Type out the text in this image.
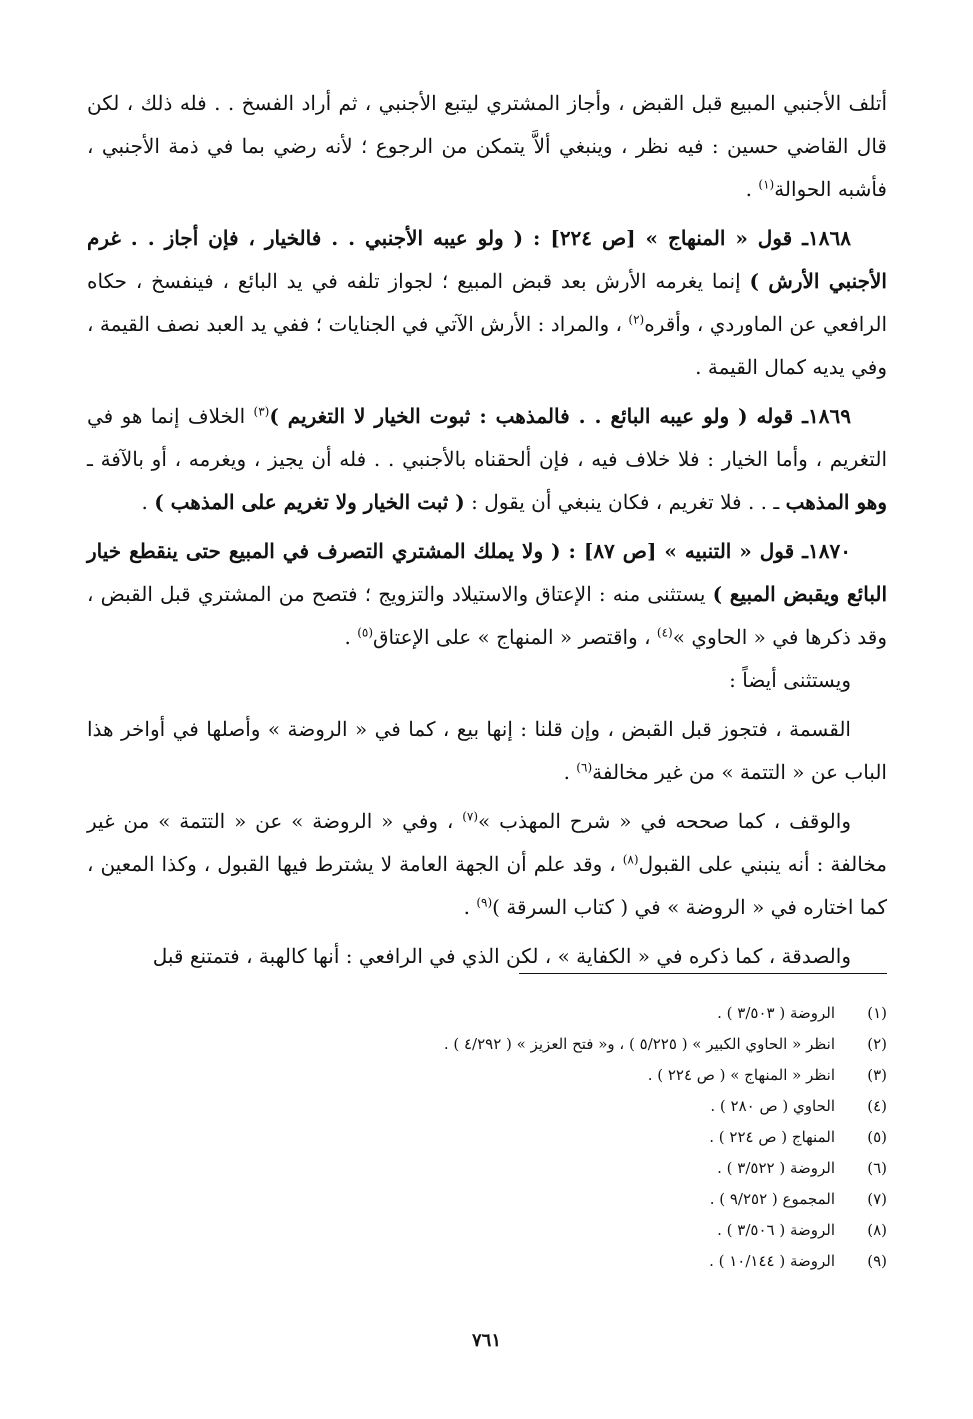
أتلف الأجنبي المبيع قبل القبض ، وأجاز المشتري ليتبع الأجنبي ، ثم أراد الفسخ . . فله ذلك ، لكن قال القاضي حسين : فيه نظر ، وينبغي ألاَّ يتمكن من الرجوع ؛ لأنه رضي بما في ذمة الأجنبي ، فأشبه الحوالة$^{(١)}$ .

١٨٦٨ـ قول « المنهاج » [ص ٢٢٤] : ( ولو عيبه الأجنبي . . فالخيار ، فإن أجاز . . غرم الأجنبي الأرش ) إنما يغرمه الأرش بعد قبض المبيع ؛ لجواز تلفه في يد البائع ، فينفسخ ، حكاه الرافعي عن الماوردي ، وأقره$^{(٢)}$ ، والمراد : الأرش الآتي في الجنايات ؛ ففي يد العبد نصف القيمة ، وفي يديه كمال القيمة .

١٨٦٩ـ قوله ( ولو عيبه البائع . . فالمذهب : ثبوت الخيار لا التغريم )$^{(٣)}$ الخلاف إنما هو في التغريم ، وأما الخيار : فلا خلاف فيه ، فإن ألحقناه بالأجنبي . . فله أن يجيز ، ويغرمه ، أو بالآفة ـ وهو المذهب ـ . . فلا تغريم ، فكان ينبغي أن يقول : ( ثبت الخيار ولا تغريم على المذهب ) .

١٨٧٠ـ قول « التنبيه » [ص ٨٧] : ( ولا يملك المشتري التصرف في المبيع حتى ينقطع خيار البائع ويقبض المبيع ) يستثنى منه : الإعتاق والاستيلاد والتزويج ؛ فتصح من المشتري قبل القبض ، وقد ذكرها في « الحاوي »$^{(٤)}$ ، واقتصر « المنهاج » على الإعتاق$^{(٥)}$ .

ويستثنى أيضاً :

القسمة ، فتجوز قبل القبض ، وإن قلنا : إنها بيع ، كما في « الروضة » وأصلها في أواخر هذا الباب عن « التتمة » من غير مخالفة$^{(٦)}$ .

والوقف ، كما صححه في « شرح المهذب »$^{(٧)}$ ، وفي « الروضة » عن « التتمة » من غير مخالفة : أنه ينبني على القبول$^{(٨)}$ ، وقد علم أن الجهة العامة لا يشترط فيها القبول ، وكذا المعين ، كما اختاره في « الروضة » في ( كتاب السرقة )$^{(٩)}$ .

والصدقة ، كما ذكره في « الكفاية » ، لكن الذي في الرافعي : أنها كالهبة ، فتمتنع قبل

(١)
الروضة ( ٣/٥٠٣ ) .
(٢)
انظر « الحاوي الكبير » ( ٥/٢٢٥ ) ، و« فتح العزيز » ( ٤/٢٩٢ ) .
(٣)
انظر « المنهاج » ( ص ٢٢٤ ) .
(٤)
الحاوي ( ص ٢٨٠ ) .
(٥)
المنهاج ( ص ٢٢٤ ) .
(٦)
الروضة ( ٣/٥٢٢ ) .
(٧)
المجموع ( ٩/٢٥٢ ) .
(٨)
الروضة ( ٣/٥٠٦ ) .
(٩)
الروضة ( ١٠/١٤٤ ) .
٧٦١
